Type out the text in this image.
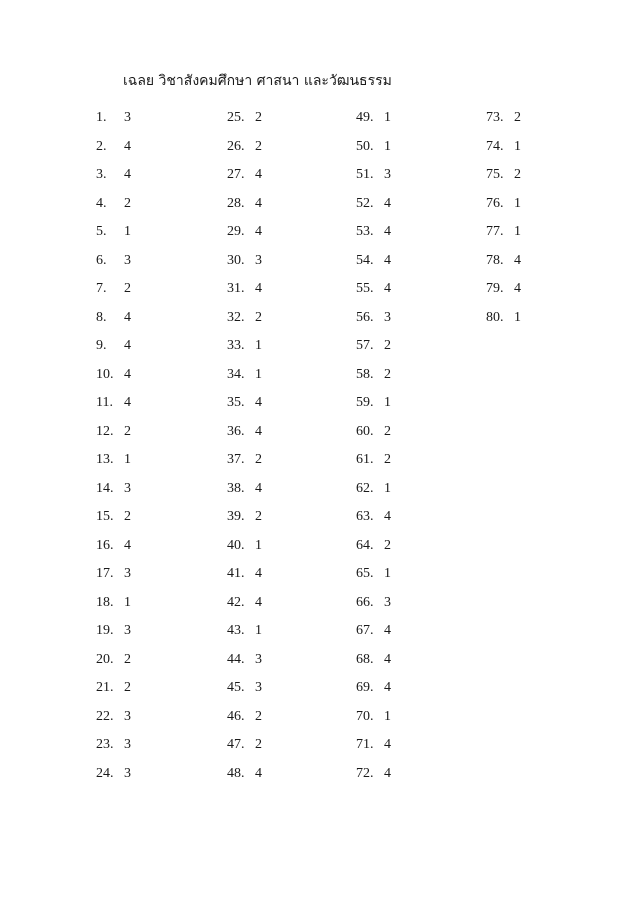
เฉลย วิชาสังคมศึกษา ศาสนา และวัฒนธรรม
1. 3
2. 4
3. 4
4. 2
5. 1
6. 3
7. 2
8. 4
9. 4
10. 4
11. 4
12. 2
13. 1
14. 3
15. 2
16. 4
17. 3
18. 1
19. 3
20. 2
21. 2
22. 3
23. 3
24. 3
25. 2
26. 2
27. 4
28. 4
29. 4
30. 3
31. 4
32. 2
33. 1
34. 1
35. 4
36. 4
37. 2
38. 4
39. 2
40. 1
41. 4
42. 4
43. 1
44. 3
45. 3
46. 2
47. 2
48. 4
49. 1
50. 1
51. 3
52. 4
53. 4
54. 4
55. 4
56. 3
57. 2
58. 2
59. 1
60. 2
61. 2
62. 1
63. 4
64. 2
65. 1
66. 3
67. 4
68. 4
69. 4
70. 1
71. 4
72. 4
73. 2
74. 1
75. 2
76. 1
77. 1
78. 4
79. 4
80. 1
